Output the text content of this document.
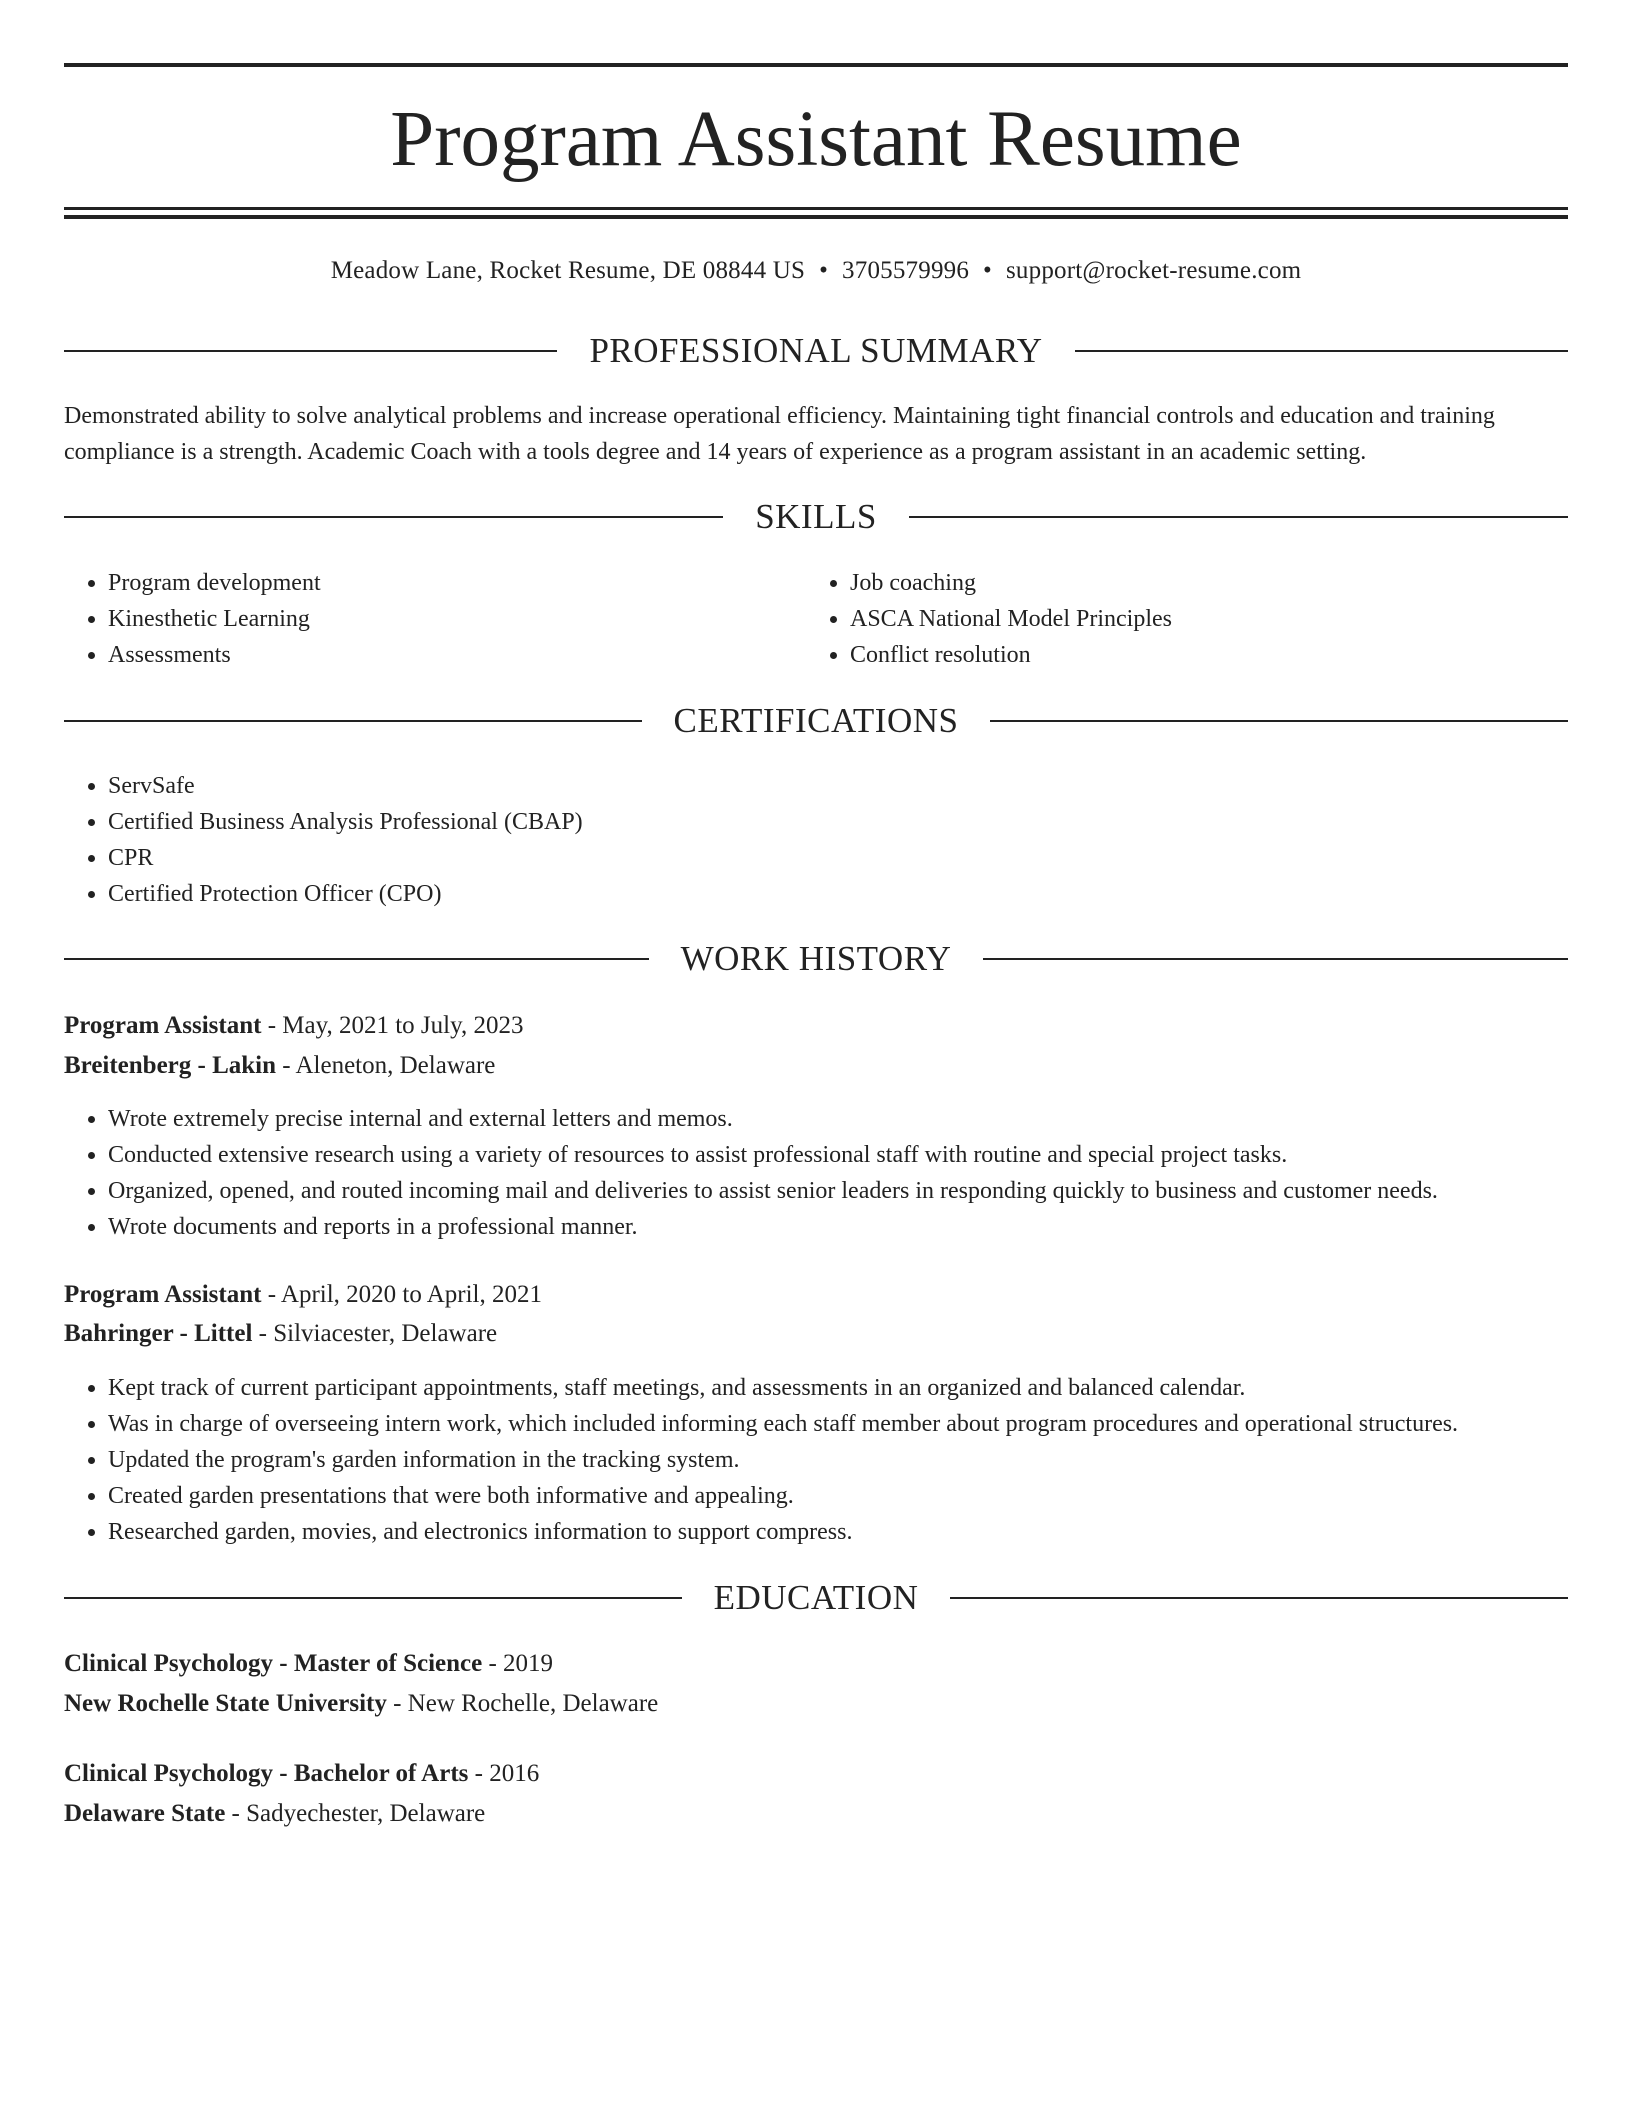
Program Assistant Resume
Meadow Lane, Rocket Resume, DE 08844 US • 3705579996 • support@rocket-resume.com
PROFESSIONAL SUMMARY

Demonstrated ability to solve analytical problems and increase operational efficiency. Maintaining tight financial controls and education and training compliance is a strength. Academic Coach with a tools degree and 14 years of experience as a program assistant in an academic setting.

SKILLS
• Program development
• Kinesthetic Learning
• Assessments
• Job coaching
• ASCA National Model Principles
• Conflict resolution
CERTIFICATIONS
• ServSafe
• Certified Business Analysis Professional (CBAP)
• CPR
• Certified Protection Officer (CPO)
WORK HISTORY
Program Assistant - May, 2021 to July, 2023
Breitenberg - Lakin - Aleneton, Delaware
• Wrote extremely precise internal and external letters and memos.
• Conducted extensive research using a variety of resources to assist professional staff with routine and special project tasks.
• Organized, opened, and routed incoming mail and deliveries to assist senior leaders in responding quickly to business and customer needs.
• Wrote documents and reports in a professional manner.
Program Assistant - April, 2020 to April, 2021
Bahringer - Littel - Silviacester, Delaware
• Kept track of current participant appointments, staff meetings, and assessments in an organized and balanced calendar.
• Was in charge of overseeing intern work, which included informing each staff member about program procedures and operational structures.
• Updated the program's garden information in the tracking system.
• Created garden presentations that were both informative and appealing.
• Researched garden, movies, and electronics information to support compress.
EDUCATION
Clinical Psychology - Master of Science - 2019
New Rochelle State University - New Rochelle, Delaware
Clinical Psychology - Bachelor of Arts - 2016
Delaware State - Sadyechester, Delaware
